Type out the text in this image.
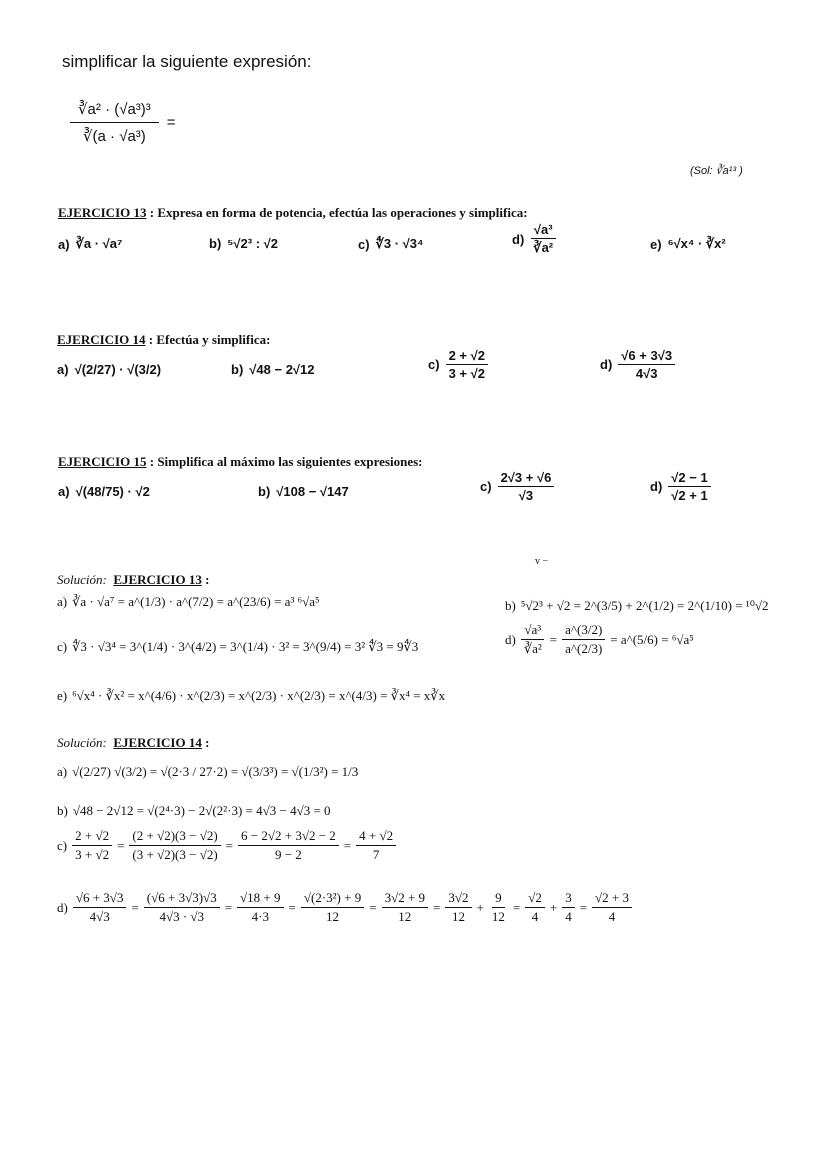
simplificar la siguiente expresión:
$\frac{\text{∛a² · (√a³)³}}{\text{∛(a · √a³)}}$ =
(Sol: ∛a¹³ )
EJERCICIO 13 : Expresa en forma de potencia, efectúa las operaciones y simplifica:
a) ∛a · √a⁷	b) ⁵√2³ : √2	c) ∜3 · √3⁴	$d) \frac{\text{√a³}}{\text{∛a²}}$	e) ⁶√x⁴ · ∛x²
EJERCICIO 14 : Efectúa y simplifica:
a) √(2/27) · √(3/2)	b) √48 − 2√12	$c) \frac{2 + √2}{3 + √2}$	$d) \frac{√6 + 3√3}{4√3}$
EJERCICIO 15 : Simplifica al máximo las siguientes expresiones:
a) √(48/75) · √2	b) √108 − √147	$c) \frac{2√3 + √6}{√3}$	$d) \frac{√2 - 1}{√2 + 1}$
v −
Solución: EJERCICIO 13 :
a) ∛a · √a⁷ = a^(1/3) · a^(7/2) = a^(23/6) = a³ ⁶√a⁵	b) ⁵√2³ + √2 = 2^(3/5) + 2^(1/2) = 2^(1/10) = ¹⁰√2
c) ∜3 · √3⁴ = 3^(1/4) · 3^(4/2) = 3^(1/4) · 3² = 3^(9/4) = 3² ∜3 = 9∜3	$d) \frac{\text{√a³}}{\text{∛a²}} = \frac{a\^{}(3/2)}{a\^{}(2/3)}$ = a^(5/6) = ⁶√a⁵
e) ⁶√x⁴ · ∛x² = x^(4/6) · x^(2/3) = x^(2/3) · x^(2/3) = x^(4/3) = ∛x⁴ = x∛x
Solución: EJERCICIO 14 :
a) √(2/27) √(3/2) = √(2·3 / 27·2) = √(3/3³) = √(1/3²) = 1/3
b) √48 − 2√12 = √(2⁴·3) − 2√(2²·3) = 4√3 − 4√3 = 0
$c) \frac{2 + √2}{3 + √2} = \frac{(2 + √2)(3 - √2)}{(3 + √2)(3 - √2)} = \frac{6 - 2√2 + 3√2 - 2}{9 - 2} = \frac{4 + √2}{7}$
$d) \frac{√6 + 3√3}{4√3} = \frac{(√6 + 3√3)√3}{4√3 \cdot √3} = \frac{√18 + 9}{4\cdot 3} = \frac{\text{√(2·3²) + 9}}{12} = \frac{3√2 + 9}{12} = \frac{3√2}{12} + \frac{9}{12} = \frac{√2}{4} + \frac{3}{4} = \frac{√2 + 3}{4}$
